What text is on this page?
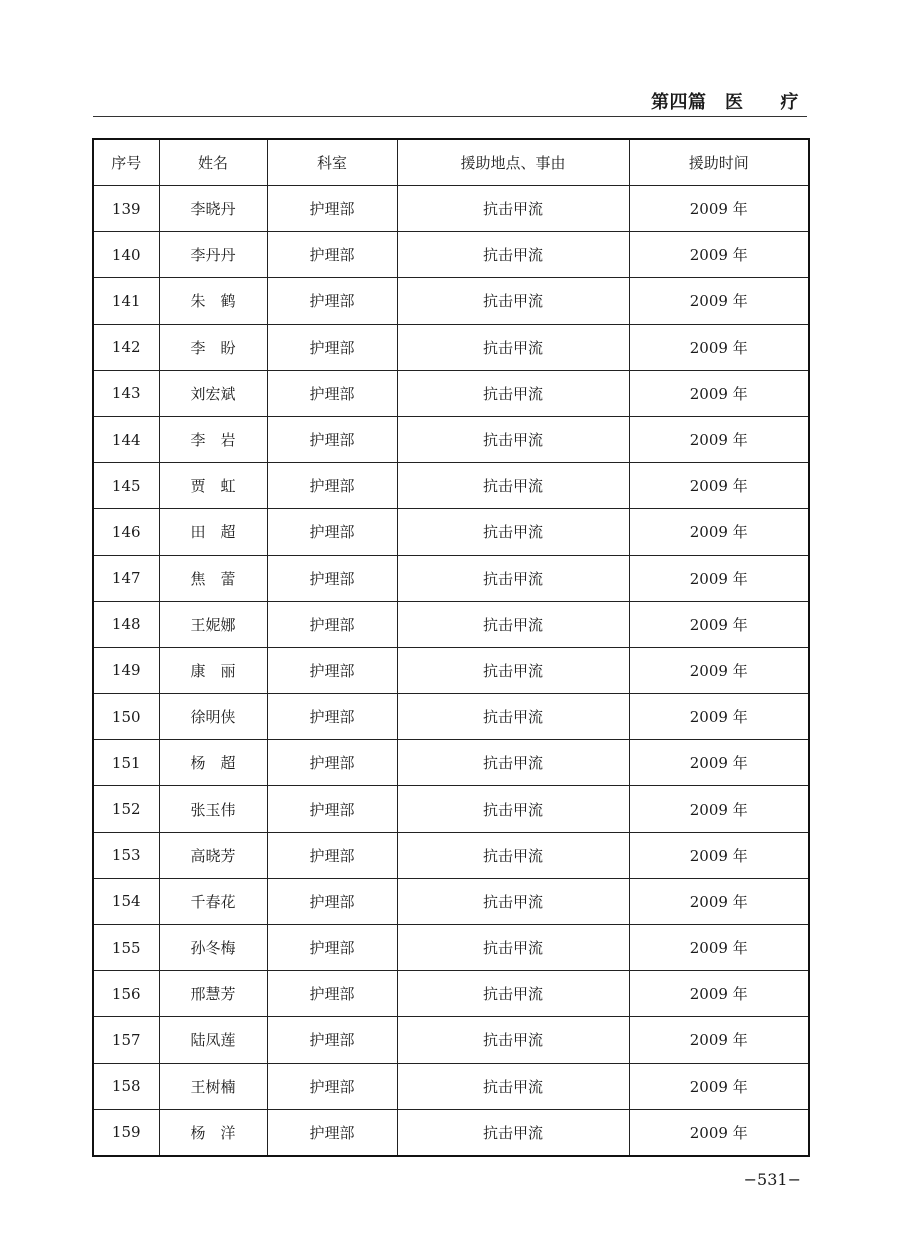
第四篇　医　　疗
序号	姓名	科室	援助地点、事由	援助时间
139	李晓丹	护理部	抗击甲流	2009 年
140	李丹丹	护理部	抗击甲流	2009 年
141	朱　鹤	护理部	抗击甲流	2009 年
142	李　盼	护理部	抗击甲流	2009 年
143	刘宏斌	护理部	抗击甲流	2009 年
144	李　岩	护理部	抗击甲流	2009 年
145	贾　虹	护理部	抗击甲流	2009 年
146	田　超	护理部	抗击甲流	2009 年
147	焦　蕾	护理部	抗击甲流	2009 年
148	王妮娜	护理部	抗击甲流	2009 年
149	康　丽	护理部	抗击甲流	2009 年
150	徐明侠	护理部	抗击甲流	2009 年
151	杨　超	护理部	抗击甲流	2009 年
152	张玉伟	护理部	抗击甲流	2009 年
153	高晓芳	护理部	抗击甲流	2009 年
154	千春花	护理部	抗击甲流	2009 年
155	孙冬梅	护理部	抗击甲流	2009 年
156	邢慧芳	护理部	抗击甲流	2009 年
157	陆凤莲	护理部	抗击甲流	2009 年
158	王树楠	护理部	抗击甲流	2009 年
159	杨　洋	护理部	抗击甲流	2009 年
−531−
